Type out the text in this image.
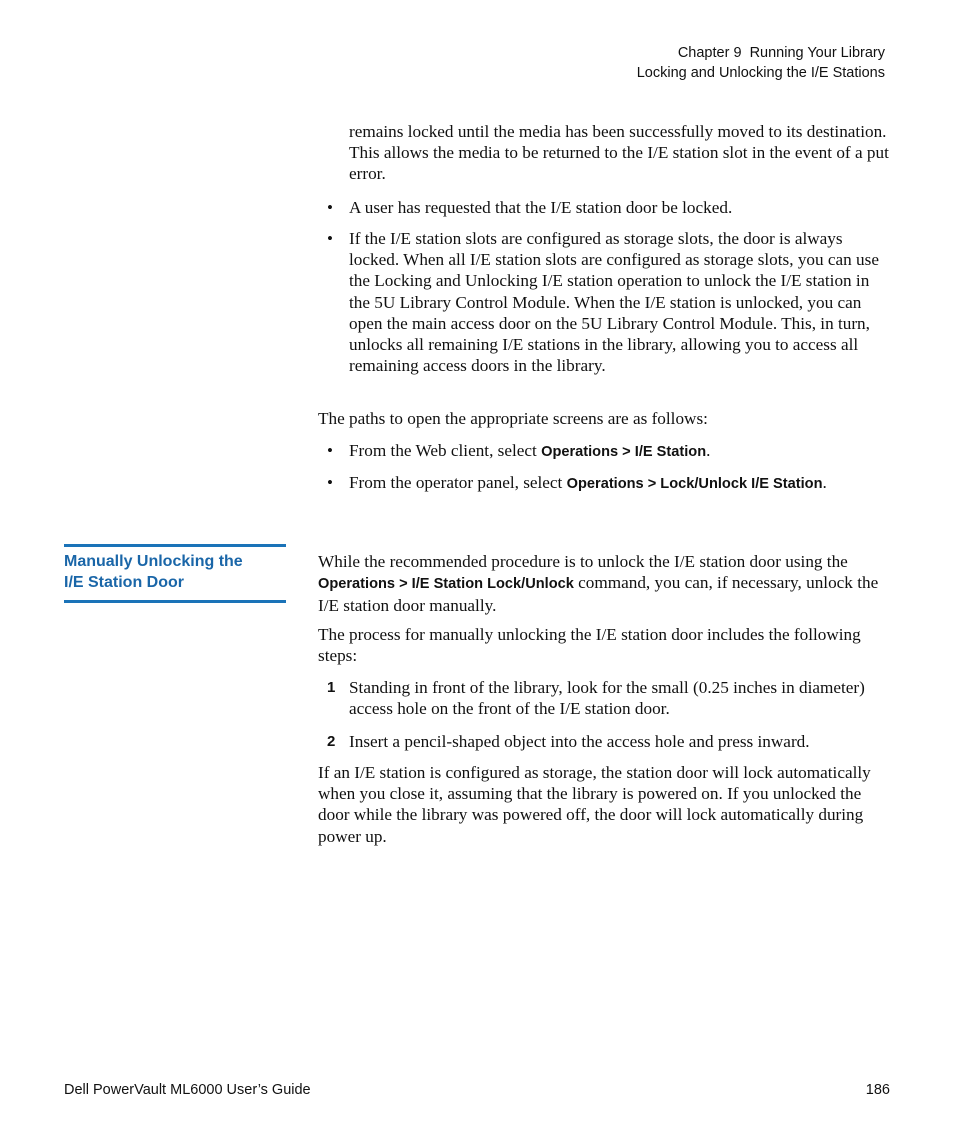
Chapter 9  Running Your Library
Locking and Unlocking the I/E Stations

remains locked until the media has been successfully moved to its destination. This allows the media to be returned to the I/E station slot in the event of a put error.

• A user has requested that the I/E station door be locked.

• If the I/E station slots are configured as storage slots, the door is always locked. When all I/E station slots are configured as storage slots, you can use the Locking and Unlocking I/E station operation to unlock the I/E station in the 5U Library Control Module. When the I/E station is unlocked, you can open the main access door on the 5U Library Control Module. This, in turn, unlocks all remaining I/E stations in the library, allowing you to access all remaining access doors in the library.

The paths to open the appropriate screens are as follows:

• From the Web client, select Operations > I/E Station.

• From the operator panel, select Operations > Lock/Unlock I/E Station.

Manually Unlocking the
I/E Station Door

While the recommended procedure is to unlock the I/E station door using the Operations > I/E Station Lock/Unlock command, you can, if necessary, unlock the I/E station door manually.

The process for manually unlocking the I/E station door includes the following steps:

1 Standing in front of the library, look for the small (0.25 inches in diameter) access hole on the front of the I/E station door.

2 Insert a pencil-shaped object into the access hole and press inward.

If an I/E station is configured as storage, the station door will lock automatically when you close it, assuming that the library is powered on. If you unlocked the door while the library was powered off, the door will lock automatically during power up.

Dell PowerVault ML6000 User’s Guide	186
